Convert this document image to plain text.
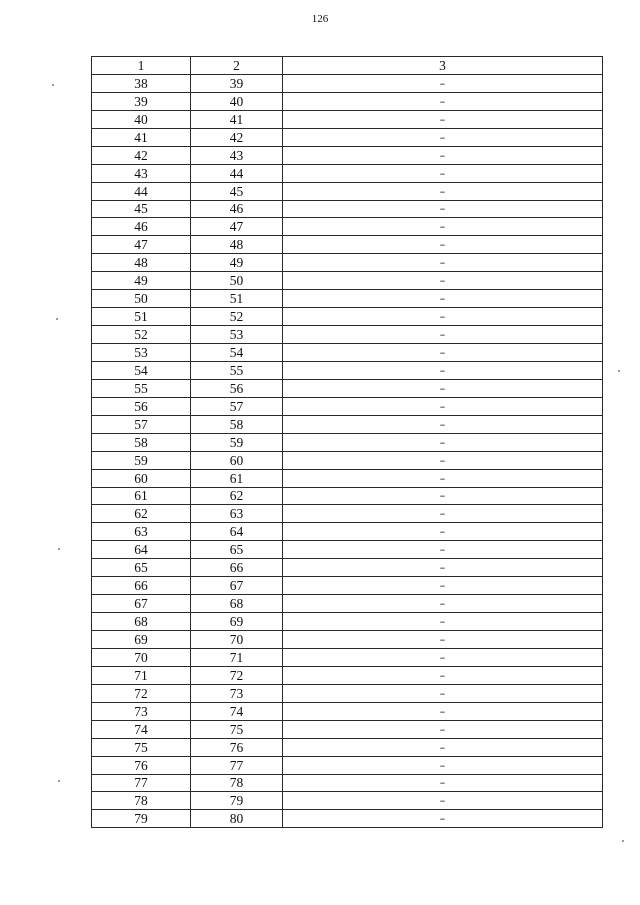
126
1	2	3
38	39	–
39	40	–
40	41	–
41	42	–
42	43	–
43	44	–
44	45	–
45	46	–
46	47	–
47	48	–
48	49	–
49	50	–
50	51	–
51	52	–
52	53	–
53	54	–
54	55	–
55	56	–
56	57	–
57	58	–
58	59	–
59	60	–
60	61	–
61	62	–
62	63	–
63	64	–
64	65	–
65	66	–
66	67	–
67	68	–
68	69	–
69	70	–
70	71	–
71	72	–
72	73	–
73	74	–
74	75	–
75	76	–
76	77	–
77	78	–
78	79	–
79	80	–
